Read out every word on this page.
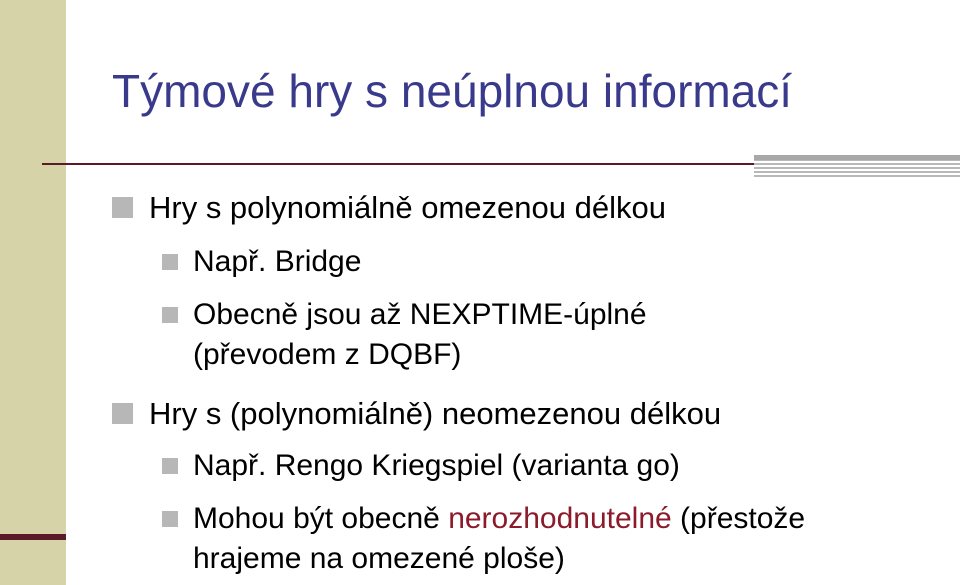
Týmové hry s neúplnou informací
Hry s polynomiálně omezenou délkou
Např. Bridge
Obecně jsou až NEXPTIME-úplné
(převodem z DQBF)
Hry s (polynomiálně) neomezenou délkou
Např. Rengo Kriegspiel (varianta go)
Mohou být obecně nerozhodnutelné (přestože
hrajeme na omezené ploše)
